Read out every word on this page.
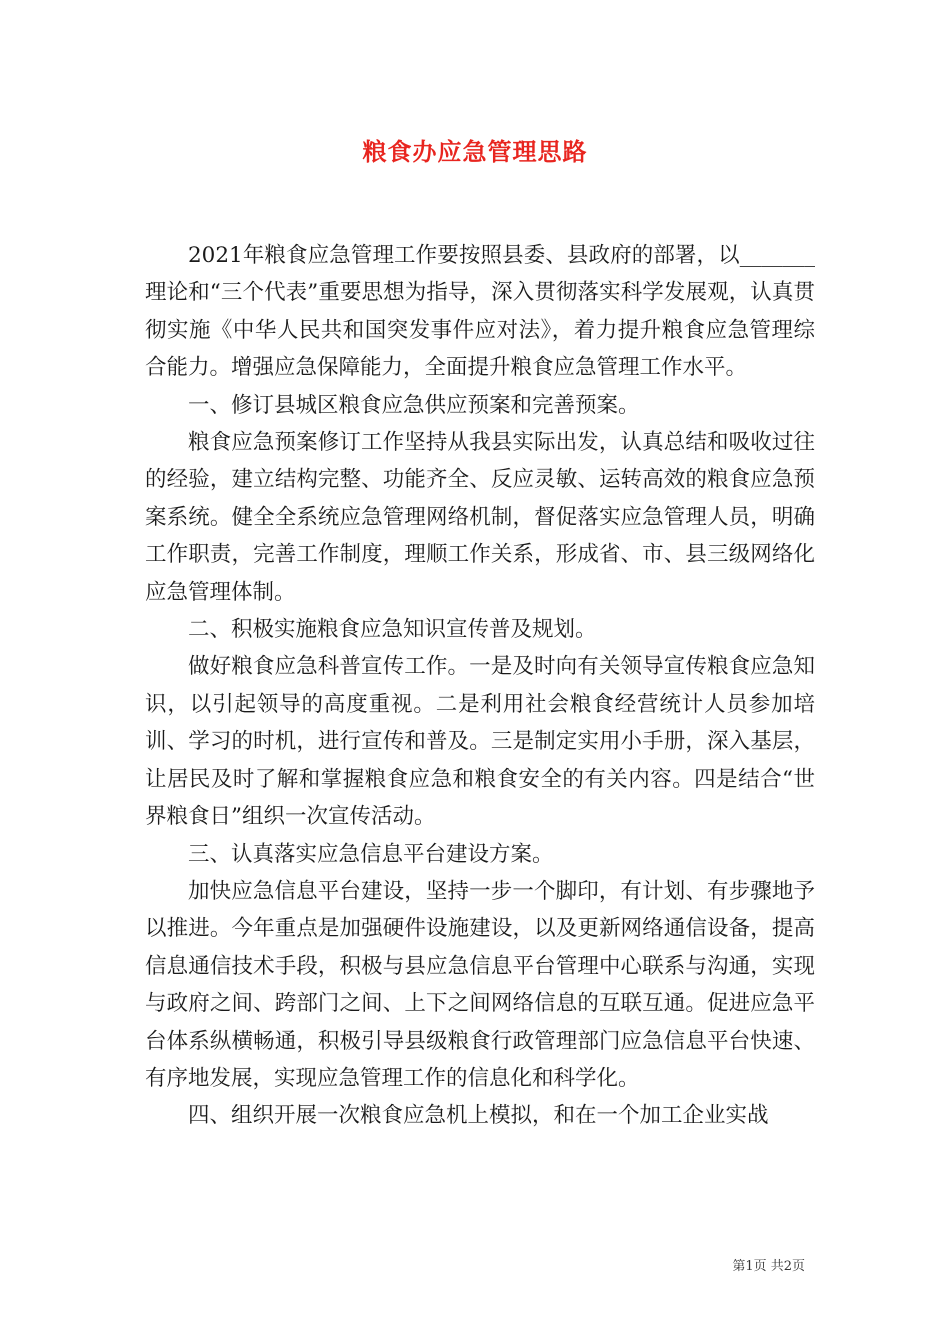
粮食办应急管理思路

2021年粮食应急管理工作要按照县委、县政府的部署，以_______理论和“三个代表”重要思想为指导，深入贯彻落实科学发展观，认真贯彻实施《中华人民共和国突发事件应对法》，着力提升粮食应急管理综合能力。增强应急保障能力，全面提升粮食应急管理工作水平。

一、修订县城区粮食应急供应预案和完善预案。

粮食应急预案修订工作坚持从我县实际出发，认真总结和吸收过往的经验，建立结构完整、功能齐全、反应灵敏、运转高效的粮食应急预案系统。健全全系统应急管理网络机制，督促落实应急管理人员，明确工作职责，完善工作制度，理顺工作关系，形成省、市、县三级网络化应急管理体制。

二、积极实施粮食应急知识宣传普及规划。

做好粮食应急科普宣传工作。一是及时向有关领导宣传粮食应急知识，以引起领导的高度重视。二是利用社会粮食经营统计人员参加培训、学习的时机，进行宣传和普及。三是制定实用小手册，深入基层，让居民及时了解和掌握粮食应急和粮食安全的有关内容。四是结合“世界粮食日”组织一次宣传活动。

三、认真落实应急信息平台建设方案。

加快应急信息平台建设，坚持一步一个脚印，有计划、有步骤地予以推进。今年重点是加强硬件设施建设，以及更新网络通信设备，提高信息通信技术手段，积极与县应急信息平台管理中心联系与沟通，实现与政府之间、跨部门之间、上下之间网络信息的互联互通。促进应急平台体系纵横畅通，积极引导县级粮食行政管理部门应急信息平台快速、有序地发展，实现应急管理工作的信息化和科学化。

四、组织开展一次粮食应急机上模拟，和在一个加工企业实战

第1页 共2页
